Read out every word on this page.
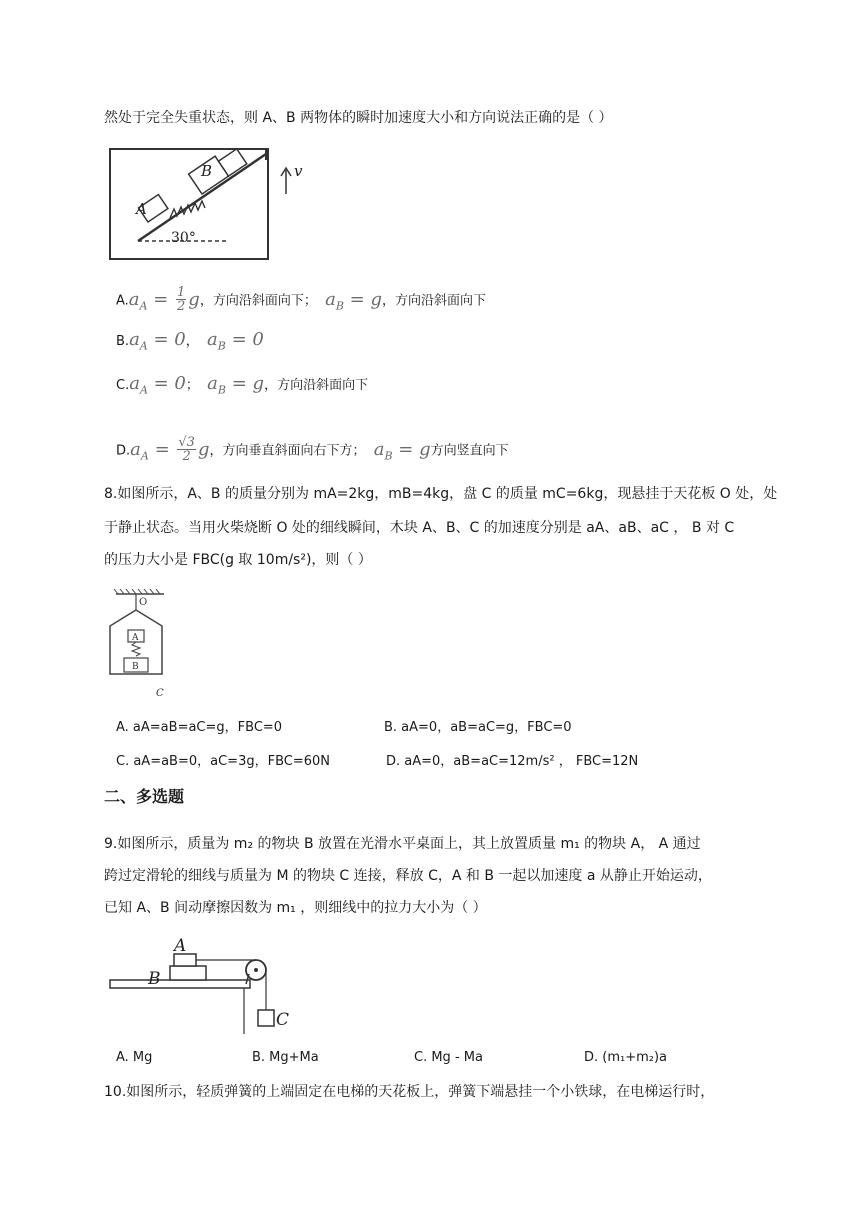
然处于完全失重状态，则 A、B 两物体的瞬时加速度大小和方向说法正确的是（ ）
A
B
30°
v
$A.a_A = \frac{1}{2}$ g，方向沿斜面向下； $a_B = g$，方向沿斜面向下
$B.a_A = 0$， $a_B = 0$
$C.a_A = 0$； $a_B = g$，方向沿斜面向下
$D.a_A = \frac{√3}{2}$ g，方向垂直斜面向右下方； $a_B = g$方向竖直向下
8.如图所示，A、B 的质量分别为 mA=2kg，mB=4kg，盘 C 的质量 mC=6kg，现悬挂于天花板 O 处，处
于静止状态。当用火柴烧断 O 处的细线瞬间，木块 A、B、C 的加速度分别是 aA、aB、aC ， B 对 C
的压力大小是 FBC(g 取 10m/s²)，则（ ）
O
A
B
C
A. aA=aB=aC=g，FBC=0	B. aA=0，aB=aC=g，FBC=0
C. aA=aB=0，aC=3g，FBC=60N	D. aA=0，aB=aC=12m/s² ， FBC=12N
二、多选题
9.如图所示，质量为 m₂ 的物块 B 放置在光滑水平桌面上，其上放置质量 m₁ 的物块 A， A 通过
跨过定滑轮的细线与质量为 M 的物块 C 连接，释放 C，A 和 B 一起以加速度 a 从静止开始运动，
已知 A、B 间动摩擦因数为 m₁ ，则细线中的拉力大小为（ ）
A
B
C
A. Mg	B. Mg+Ma	C. Mg - Ma	D. (m₁+m₂)a
10.如图所示，轻质弹簧的上端固定在电梯的天花板上，弹簧下端悬挂一个小铁球，在电梯运行时，
